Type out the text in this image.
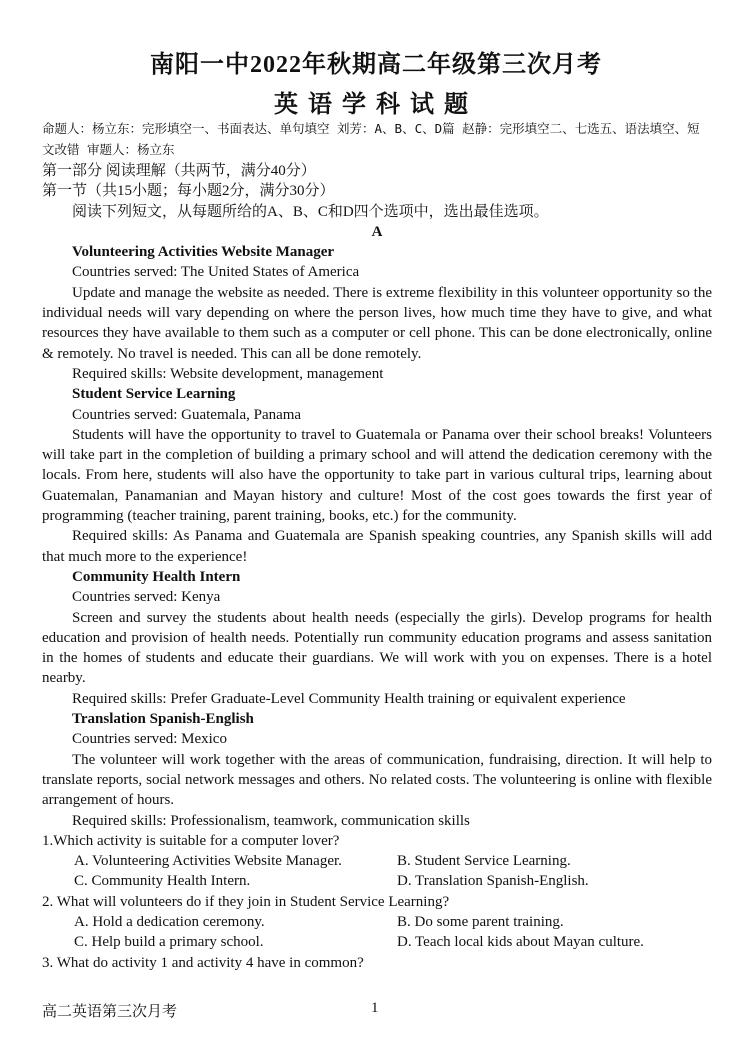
南阳一中2022年秋期高二年级第三次月考
英语学科试题
命题人：杨立东：完形填空一、书面表达、单句填空 刘芳：A、B、C、D篇 赵静：完形填空二、七选五、语法填空、短文改错 审题人：杨立东

第一部分 阅读理解（共两节，满分40分）

第一节（共15小题；每小题2分，满分30分）

阅读下列短文，从每题所给的A、B、C和D四个选项中，选出最佳选项。

A

Volunteering Activities Website Manager

Countries served: The United States of America

Update and manage the website as needed. There is extreme flexibility in this volunteer opportunity so the individual needs will vary depending on where the person lives, how much time they have to give, and what resources they have available to them such as a computer or cell phone. This can be done electronically, online & remotely. No travel is needed. This can all be done remotely.

Required skills: Website development, management

Student Service Learning

Countries served: Guatemala, Panama

Students will have the opportunity to travel to Guatemala or Panama over their school breaks! Volunteers will take part in the completion of building a primary school and will attend the dedication ceremony with the locals. From here, students will also have the opportunity to take part in various cultural trips, learning about Guatemalan, Panamanian and Mayan history and culture! Most of the cost goes towards the first year of programming (teacher training, parent training, books, etc.) for the community.

Required skills: As Panama and Guatemala are Spanish speaking countries, any Spanish skills will add that much more to the experience!

Community Health Intern

Countries served: Kenya

Screen and survey the students about health needs (especially the girls). Develop programs for health education and provision of health needs. Potentially run community education programs and assess sanitation in the homes of students and educate their guardians. We will work with you on expenses. There is a hotel nearby.

Required skills: Prefer Graduate-Level Community Health training or equivalent experience

Translation Spanish-English

Countries served: Mexico

The volunteer will work together with the areas of communication, fundraising, direction. It will help to translate reports, social network messages and others. No related costs. The volunteering is online with flexible arrangement of hours.

Required skills: Professionalism, teamwork, communication skills

1.Which activity is suitable for a computer lover?

A. Volunteering Activities Website Manager.	B. Student Service Learning.
C. Community Health Intern.	D. Translation Spanish-English.

2. What will volunteers do if they join in Student Service Learning?

A. Hold a dedication ceremony.	B. Do some parent training.
C. Help build a primary school.	D. Teach local kids about Mayan culture.

3. What do activity 1 and activity 4 have in common?

高二英语第三次月考	1
